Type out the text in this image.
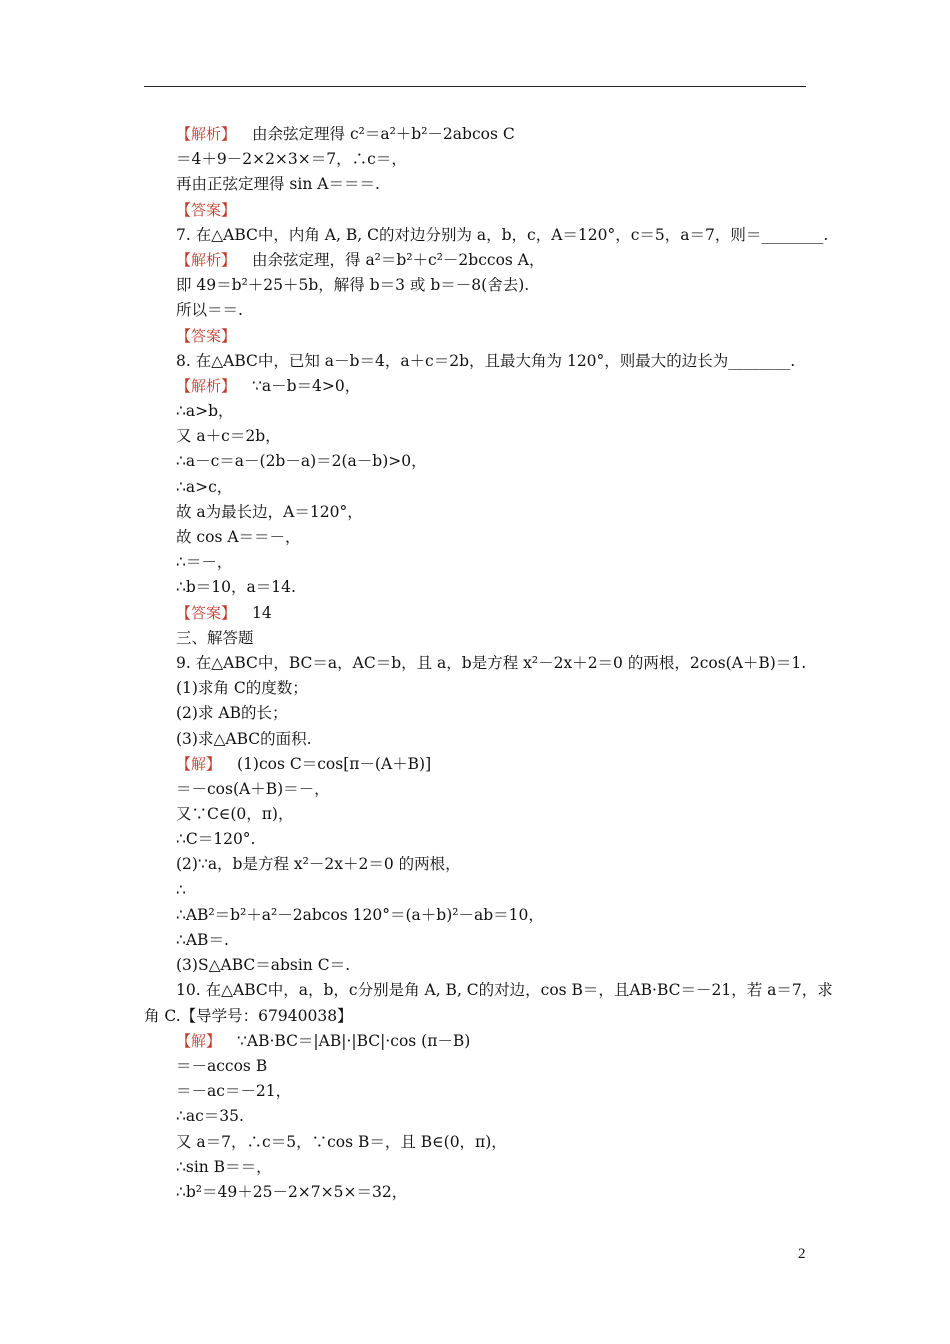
【解析】 由余弦定理得 c²＝a²＋b²－2abcos C
＝4＋9－2×2×3×＝7，∴c＝，
再由正弦定理得 sin A＝＝＝.
【答案】
7. 在△ABC中，内角 A, B, C的对边分别为 a，b，c，A＝120°，c＝5，a＝7，则＝________.
【解析】 由余弦定理，得 a²＝b²＋c²－2bccos A，
即 49＝b²＋25＋5b，解得 b＝3 或 b＝－8(舍去).
所以＝＝.
【答案】
8. 在△ABC中，已知 a－b＝4，a＋c＝2b，且最大角为 120°，则最大的边长为________.
【解析】 ∵a－b＝4>0，
∴a>b，
又 a＋c＝2b，
∴a－c＝a－(2b－a)＝2(a－b)>0，
∴a>c，
故 a为最长边，A＝120°，
故 cos A＝＝－，
∴＝－，
∴b＝10，a＝14.
【答案】 14
三、解答题
9. 在△ABC中，BC＝a，AC＝b，且 a，b是方程 x²－2x＋2＝0 的两根，2cos(A＋B)＝1.
(1)求角 C的度数；
(2)求 AB的长；
(3)求△ABC的面积.
【解】 (1)cos C＝cos[π－(A＋B)]
＝－cos(A＋B)＝－，
又∵C∈(0，π)，
∴C＝120°.
(2)∵a，b是方程 x²－2x＋2＝0 的两根，
∴
∴AB²＝b²＋a²－2abcos 120°＝(a＋b)²－ab＝10，
∴AB＝.
(3)S△ABC＝absin C＝.
10. 在△ABC中，a，b，c分别是角 A, B, C的对边，cos B＝，且AB·BC＝－21，若 a＝7，求
角 C.【导学号：67940038】
【解】 ∵AB·BC＝|AB|·|BC|·cos (π－B)
＝－accos B
＝－ac＝－21，
∴ac＝35.
又 a＝7，∴c＝5，∵cos B＝，且 B∈(0，π)，
∴sin B＝＝，
∴b²＝49＋25－2×7×5×＝32，
2
